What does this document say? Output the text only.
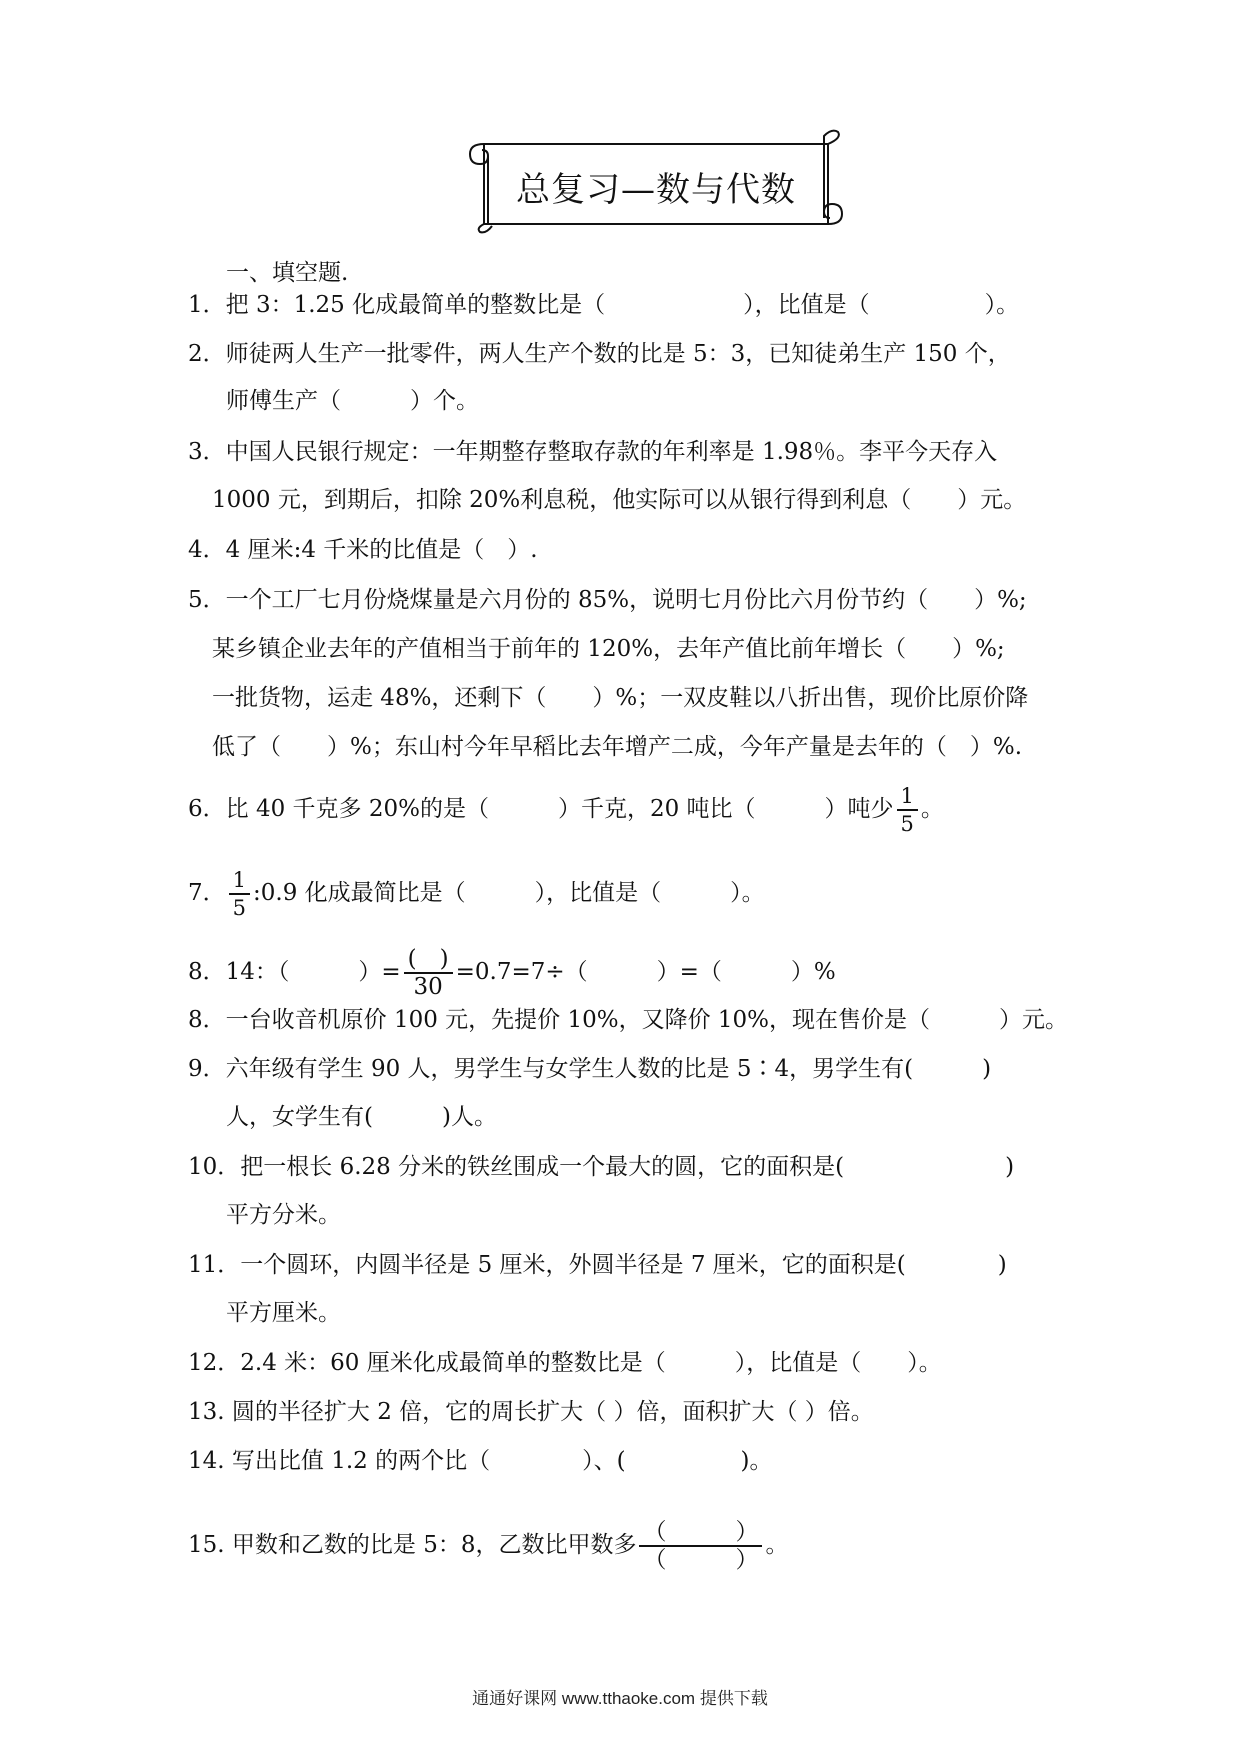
总复习—数与代数
一、填空题.
1．把 3：1.25 化成最简单的整数比是（　　　　　　），比值是（　　　　　）。
2．师徒两人生产一批零件，两人生产个数的比是 5：3，已知徒弟生产 150 个，
师傅生产（　　　）个。
3．中国人民银行规定：一年期整存整取存款的年利率是 1.98％。李平今天存入
1000 元，到期后，扣除 20%利息税，他实际可以从银行得到利息（　　）元。
4．4 厘米:4 千米的比值是（　）.
5．一个工厂七月份烧煤量是六月份的 85%，说明七月份比六月份节约（　　）%;
某乡镇企业去年的产值相当于前年的 120%，去年产值比前年增长（　　）%;
一批货物，运走 48%，还剩下（　　）%；一双皮鞋以八折出售，现价比原价降
低了（　　）%；东山村今年早稻比去年增产二成，今年产量是去年的（　）%.
6．比 40 千克多 20%的是（　　　）千克，20 吨比（　　　）吨少 $\frac{1}{5}$ 。
7． $\frac{1}{5}$ :0.9 化成最简比是（　　　），比值是（　　　）。
8．14：（　　　）= $\frac{( )}{30} =0.7=7\div$（　　　）=（　　　）%
8．一台收音机原价 100 元，先提价 10%，又降价 10%，现在售价是（　　　）元。
9．六年级有学生 90 人，男学生与女学生人数的比是 5∶4，男学生有(　　　)
人，女学生有(　　　)人。
10．把一根长 6.28 分米的铁丝围成一个最大的圆，它的面积是(　　　　　　　)
平方分米。
11．一个圆环，内圆半径是 5 厘米，外圆半径是 7 厘米，它的面积是(　　　　)
平方厘米。
12．2.4 米：60 厘米化成最简单的整数比是（　　　），比值是（　　）。
13. 圆的半径扩大 2 倍，它的周长扩大（ ）倍，面积扩大（ ）倍。
14. 写出比值 1.2 的两个比（　　　　）、(　　　　　)。
15. 甲数和乙数的比是 5：8，乙数比甲数多 $\frac{( )}{( )}$ 。
通通好课网 www.tthaoke.com 提供下载
